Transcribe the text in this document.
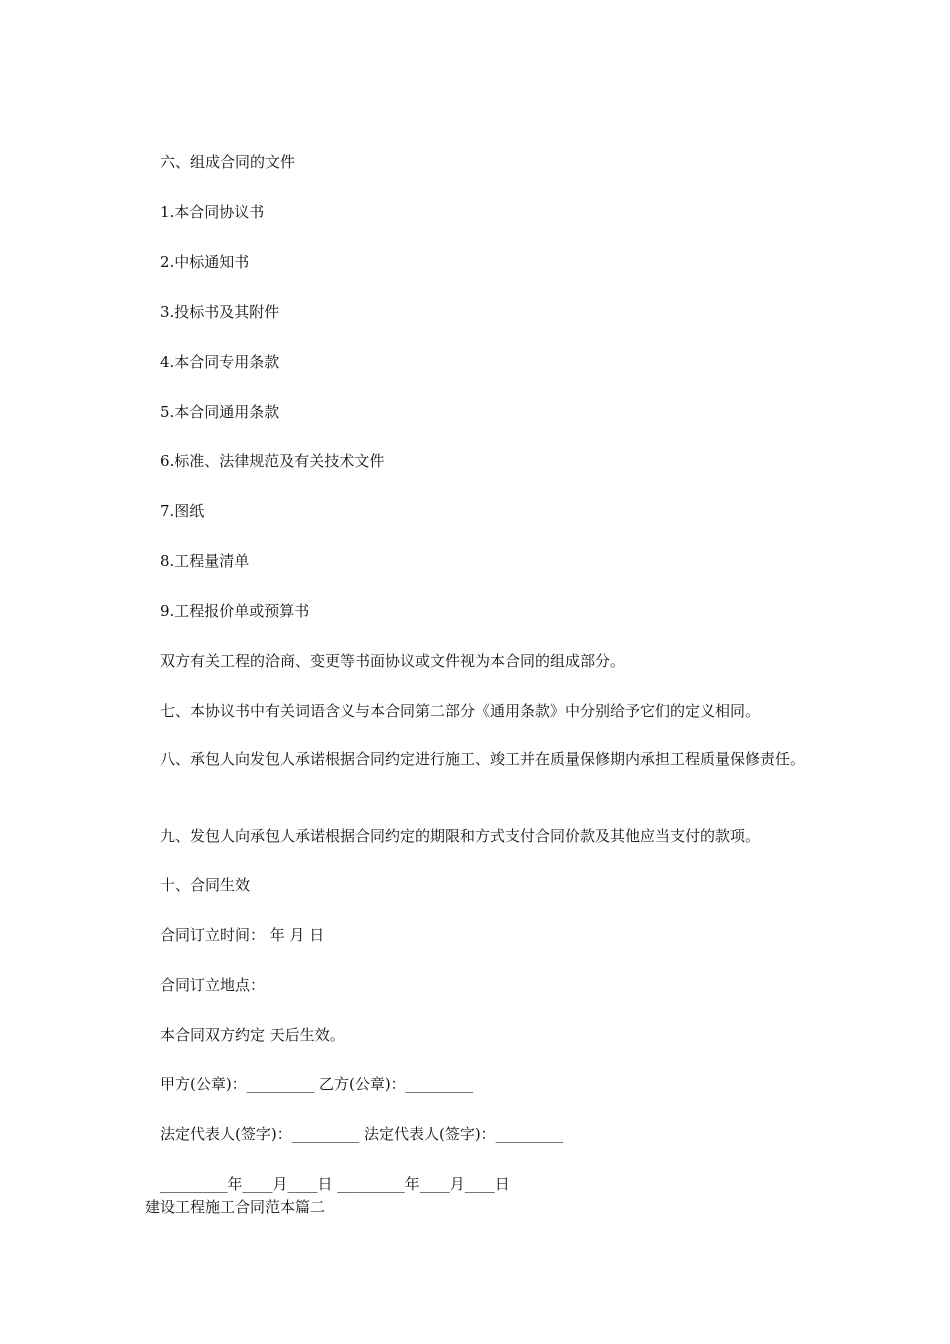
六、组成合同的文件
1.本合同协议书
2.中标通知书
3.投标书及其附件
4.本合同专用条款
5.本合同通用条款
6.标准、法律规范及有关技术文件
7.图纸
8.工程量清单
9.工程报价单或预算书
双方有关工程的洽商、变更等书面协议或文件视为本合同的组成部分。
七、本协议书中有关词语含义与本合同第二部分《通用条款》中分别给予它们的定义相同。
八、承包人向发包人承诺根据合同约定进行施工、竣工并在质量保修期内承担工程质量保修责任。
九、发包人向承包人承诺根据合同约定的期限和方式支付合同价款及其他应当支付的款项。
十、合同生效
合同订立时间： 年 月 日
合同订立地点：
本合同双方约定 天后生效。
甲方(公章)：_________ 乙方(公章)：_________
法定代表人(签字)：_________ 法定代表人(签字)：_________
_________年____月____日 _________年____月____日
建设工程施工合同范本篇二
